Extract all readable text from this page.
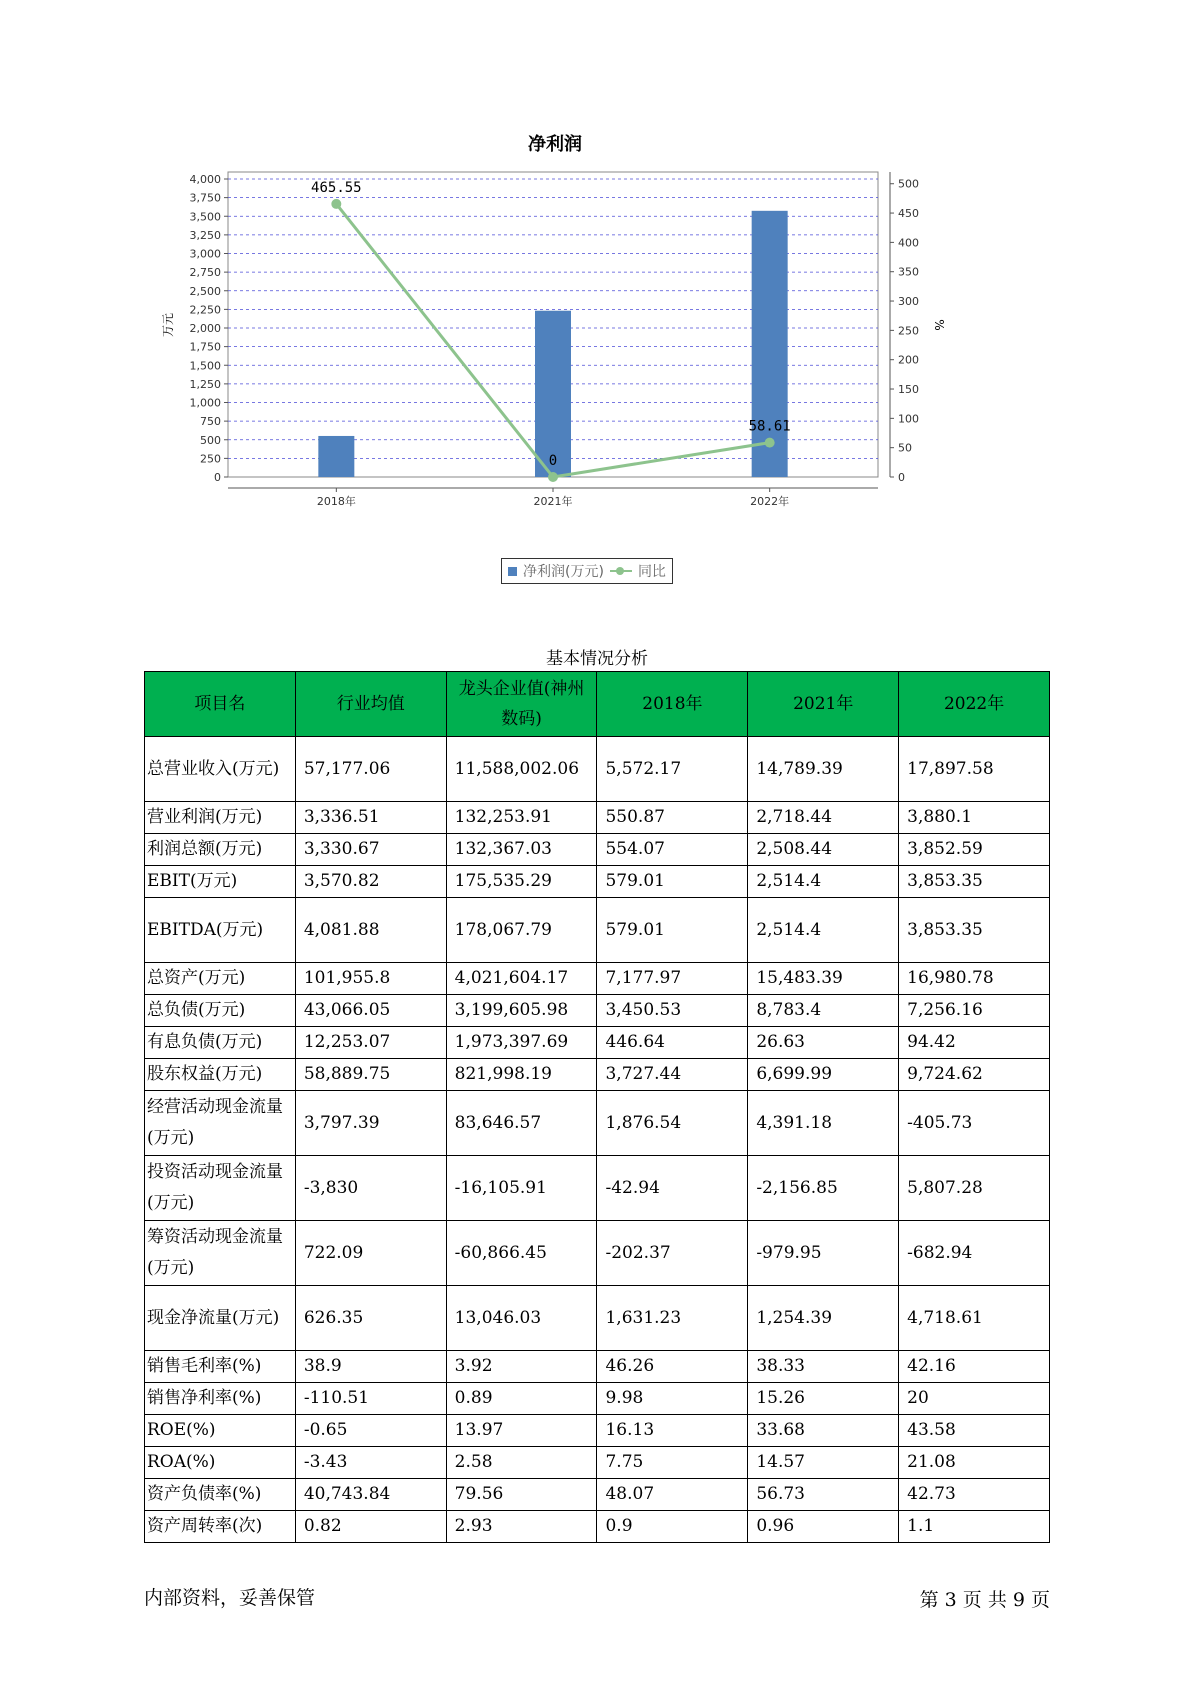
净利润
0
250
500
750
1,000
1,250
1,500
1,750
2,000
2,250
2,500
2,750
3,000
3,250
3,500
3,750
4,000
0
50
100
150
200
250
300
350
400
450
500
2018年	2021年	2022年
万元	%
465.55
0
58.61
净利润(万元) 同比
基本情况分析
项目名	行业均值	龙头企业值(神州数码)	2018年	2021年	2022年
总营业收入(万元)	57,177.06	11,588,002.06	5,572.17	14,789.39	17,897.58
营业利润(万元)	3,336.51	132,253.91	550.87	2,718.44	3,880.1
利润总额(万元)	3,330.67	132,367.03	554.07	2,508.44	3,852.59
EBIT(万元)	3,570.82	175,535.29	579.01	2,514.4	3,853.35
EBITDA(万元)	4,081.88	178,067.79	579.01	2,514.4	3,853.35
总资产(万元)	101,955.8	4,021,604.17	7,177.97	15,483.39	16,980.78
总负债(万元)	43,066.05	3,199,605.98	3,450.53	8,783.4	7,256.16
有息负债(万元)	12,253.07	1,973,397.69	446.64	26.63	94.42
股东权益(万元)	58,889.75	821,998.19	3,727.44	6,699.99	9,724.62
经营活动现金流量(万元)	3,797.39	83,646.57	1,876.54	4,391.18	-405.73
投资活动现金流量(万元)	-3,830	-16,105.91	-42.94	-2,156.85	5,807.28
筹资活动现金流量(万元)	722.09	-60,866.45	-202.37	-979.95	-682.94
现金净流量(万元)	626.35	13,046.03	1,631.23	1,254.39	4,718.61
销售毛利率(%)	38.9	3.92	46.26	38.33	42.16
销售净利率(%)	-110.51	0.89	9.98	15.26	20
ROE(%)	-0.65	13.97	16.13	33.68	43.58
ROA(%)	-3.43	2.58	7.75	14.57	21.08
资产负债率(%)	40,743.84	79.56	48.07	56.73	42.73
资产周转率(次)	0.82	2.93	0.9	0.96	1.1
内部资料，妥善保管	第 3 页 共 9 页
